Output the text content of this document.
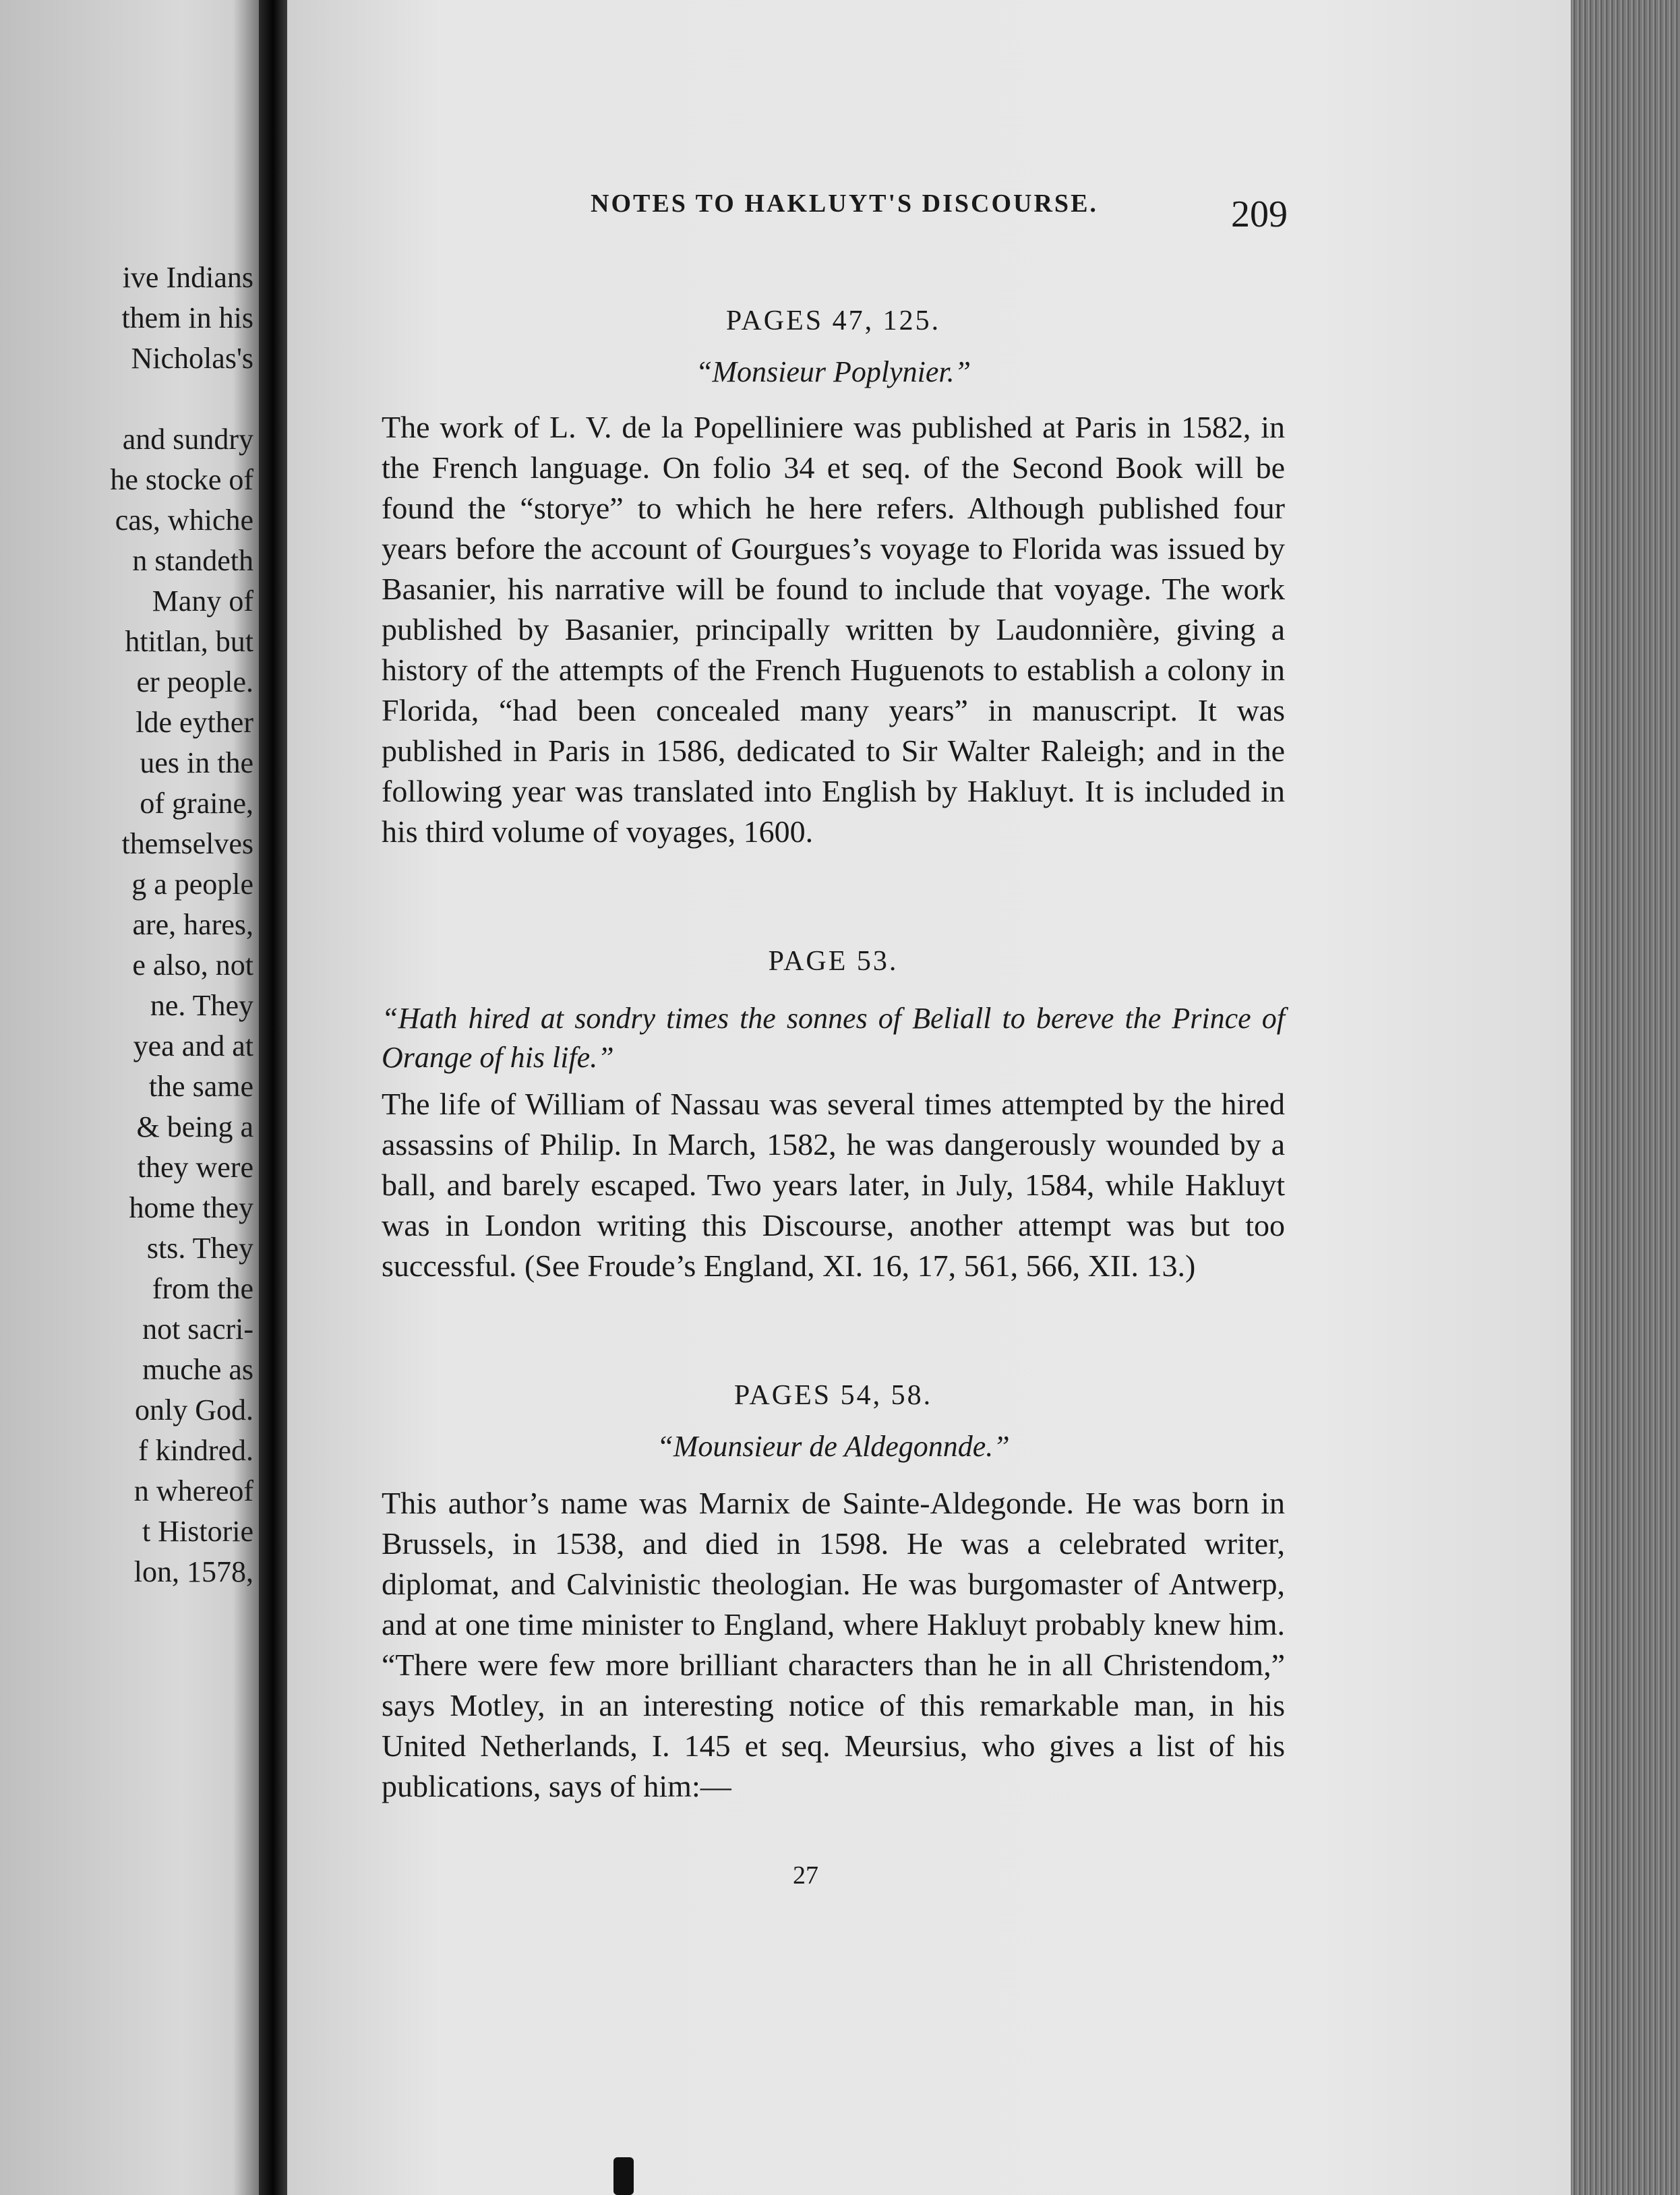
ive Indians
them in his
Nicholas's
and sundry
he stocke of
cas, whiche
n standeth
Many of
htitlan, but
er people.
lde eyther
ues in the
of graine,
themselves
g a people
are, hares,
e also, not
ne. They
yea and at
the same
& being a
they were
home they
sts. They
from the
not sacri-
muche as
only God.
f kindred.
n whereof
t Historie
lon, 1578,
NOTES TO HAKLUYT'S DISCOURSE.	209
PAGES 47, 125.
“Monsieur Poplynier.”
The work of L. V. de la Popelliniere was published at Paris in 1582, in the French language. On folio 34 et seq. of the Second Book will be found the “storye” to which he here refers. Although published four years before the account of Gourgues’s voyage to Florida was issued by Basanier, his narrative will be found to include that voyage. The work published by Basanier, principally written by Laudonnière, giving a history of the attempts of the French Huguenots to establish a colony in Florida, “had been concealed many years” in manuscript. It was published in Paris in 1586, dedicated to Sir Walter Raleigh; and in the following year was translated into English by Hakluyt. It is included in his third volume of voyages, 1600.
PAGE 53.
“Hath hired at sondry times the sonnes of Beliall to bereve the Prince of Orange of his life.”
The life of William of Nassau was several times attempted by the hired assassins of Philip. In March, 1582, he was dangerously wounded by a ball, and barely escaped. Two years later, in July, 1584, while Hakluyt was in London writing this Discourse, another attempt was but too successful. (See Froude’s England, XI. 16, 17, 561, 566, XII. 13.)
PAGES 54, 58.
“Mounsieur de Aldegonnde.”
This author’s name was Marnix de Sainte-Aldegonde. He was born in Brussels, in 1538, and died in 1598. He was a celebrated writer, diplomat, and Calvinistic theologian. He was burgomaster of Antwerp, and at one time minister to England, where Hakluyt probably knew him. “There were few more brilliant characters than he in all Christendom,” says Motley, in an interesting notice of this remarkable man, in his United Netherlands, I. 145 et seq. Meursius, who gives a list of his publications, says of him:—
27
